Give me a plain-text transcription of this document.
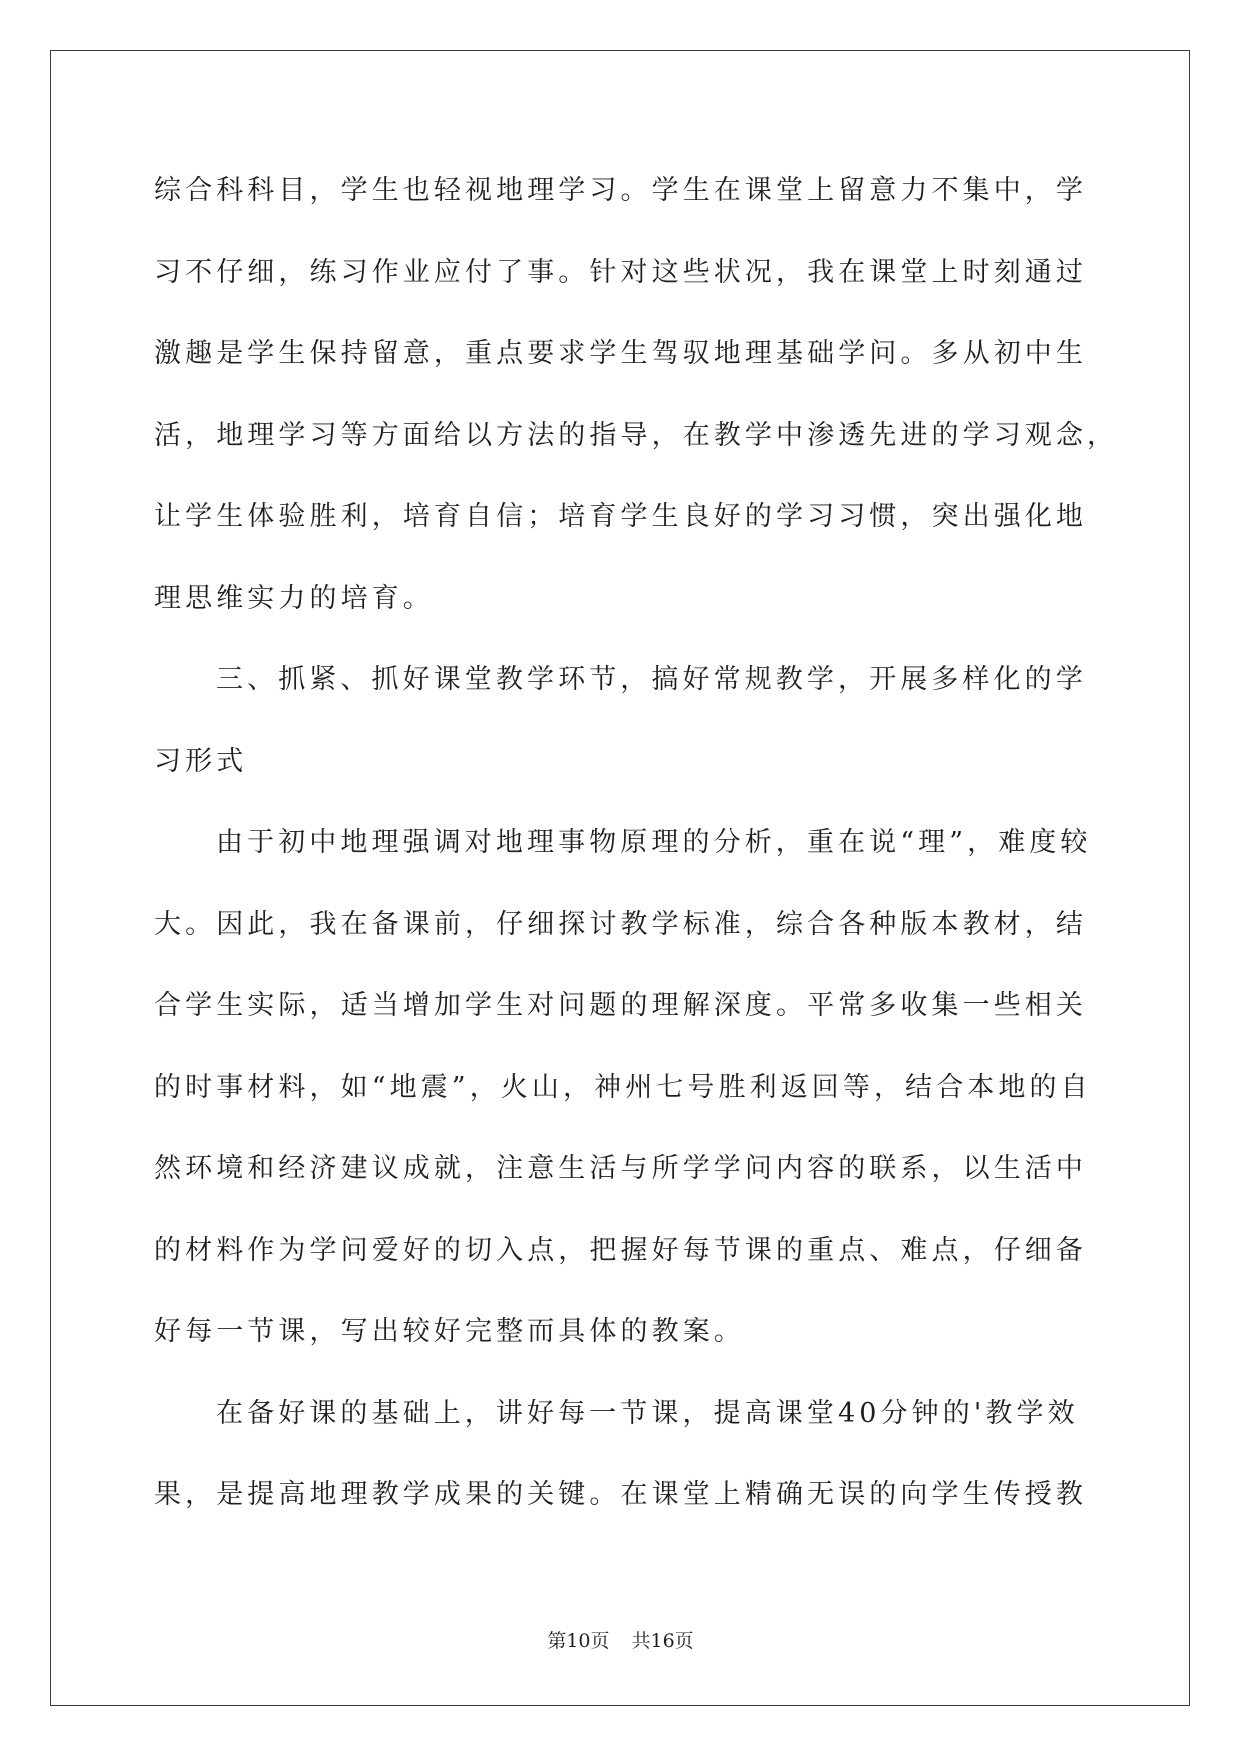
综合科科目，学生也轻视地理学习。学生在课堂上留意力不集中，学
习不仔细，练习作业应付了事。针对这些状况，我在课堂上时刻通过
激趣是学生保持留意，重点要求学生驾驭地理基础学问。多从初中生
活，地理学习等方面给以方法的指导，在教学中渗透先进的学习观念，
让学生体验胜利，培育自信；培育学生良好的学习习惯，突出强化地
理思维实力的培育。
三、抓紧、抓好课堂教学环节，搞好常规教学，开展多样化的学
习形式
由于初中地理强调对地理事物原理的分析，重在说“理”，难度较
大。因此，我在备课前，仔细探讨教学标准，综合各种版本教材，结
合学生实际，适当增加学生对问题的理解深度。平常多收集一些相关
的时事材料，如“地震”，火山，神州七号胜利返回等，结合本地的自
然环境和经济建议成就，注意生活与所学学问内容的联系，以生活中
的材料作为学问爱好的切入点，把握好每节课的重点、难点，仔细备
好每一节课，写出较好完整而具体的教案。
在备好课的基础上，讲好每一节课，提高课堂40分钟的'教学效
果，是提高地理教学成果的关键。在课堂上精确无误的向学生传授教
第10页 共16页
